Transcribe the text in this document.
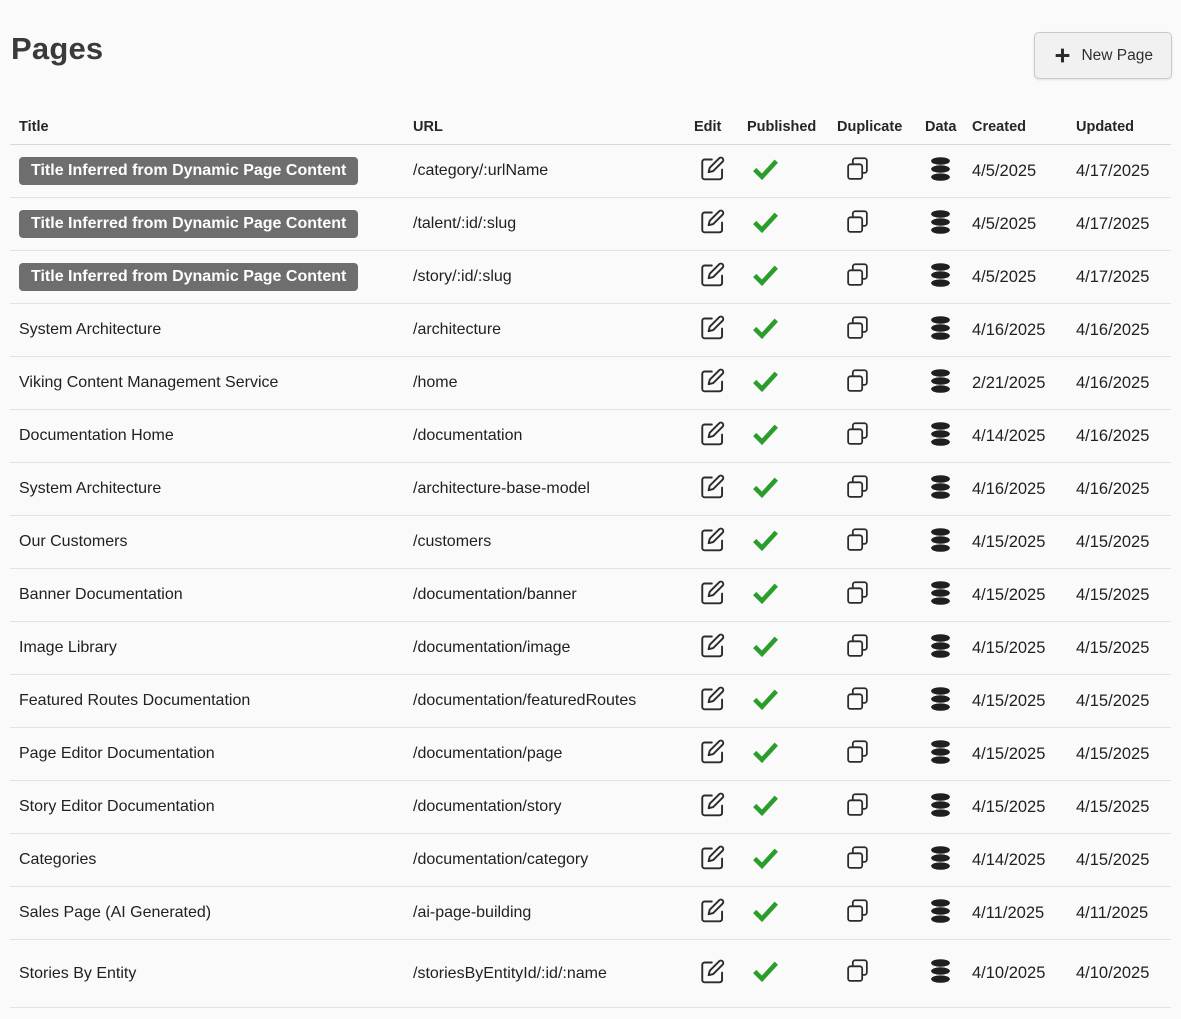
Pages	New Page
Title	URL	Edit	Published	Duplicate	Data	Created	Updated
Title Inferred from Dynamic Page Content	/category/:urlName	4/5/2025	4/17/2025
Title Inferred from Dynamic Page Content	/talent/:id/:slug	4/5/2025	4/17/2025
Title Inferred from Dynamic Page Content	/story/:id/:slug	4/5/2025	4/17/2025
System Architecture	/architecture	4/16/2025	4/16/2025
Viking Content Management Service	/home	2/21/2025	4/16/2025
Documentation Home	/documentation	4/14/2025	4/16/2025
System Architecture	/architecture-base-model	4/16/2025	4/16/2025
Our Customers	/customers	4/15/2025	4/15/2025
Banner Documentation	/documentation/banner	4/15/2025	4/15/2025
Image Library	/documentation/image	4/15/2025	4/15/2025
Featured Routes Documentation	/documentation/featuredRoutes	4/15/2025	4/15/2025
Page Editor Documentation	/documentation/page	4/15/2025	4/15/2025
Story Editor Documentation	/documentation/story	4/15/2025	4/15/2025
Categories	/documentation/category	4/14/2025	4/15/2025
Sales Page (AI Generated)	/ai-page-building	4/11/2025	4/11/2025
Stories By Entity	/storiesByEntityId/:id/:name	4/10/2025	4/10/2025
